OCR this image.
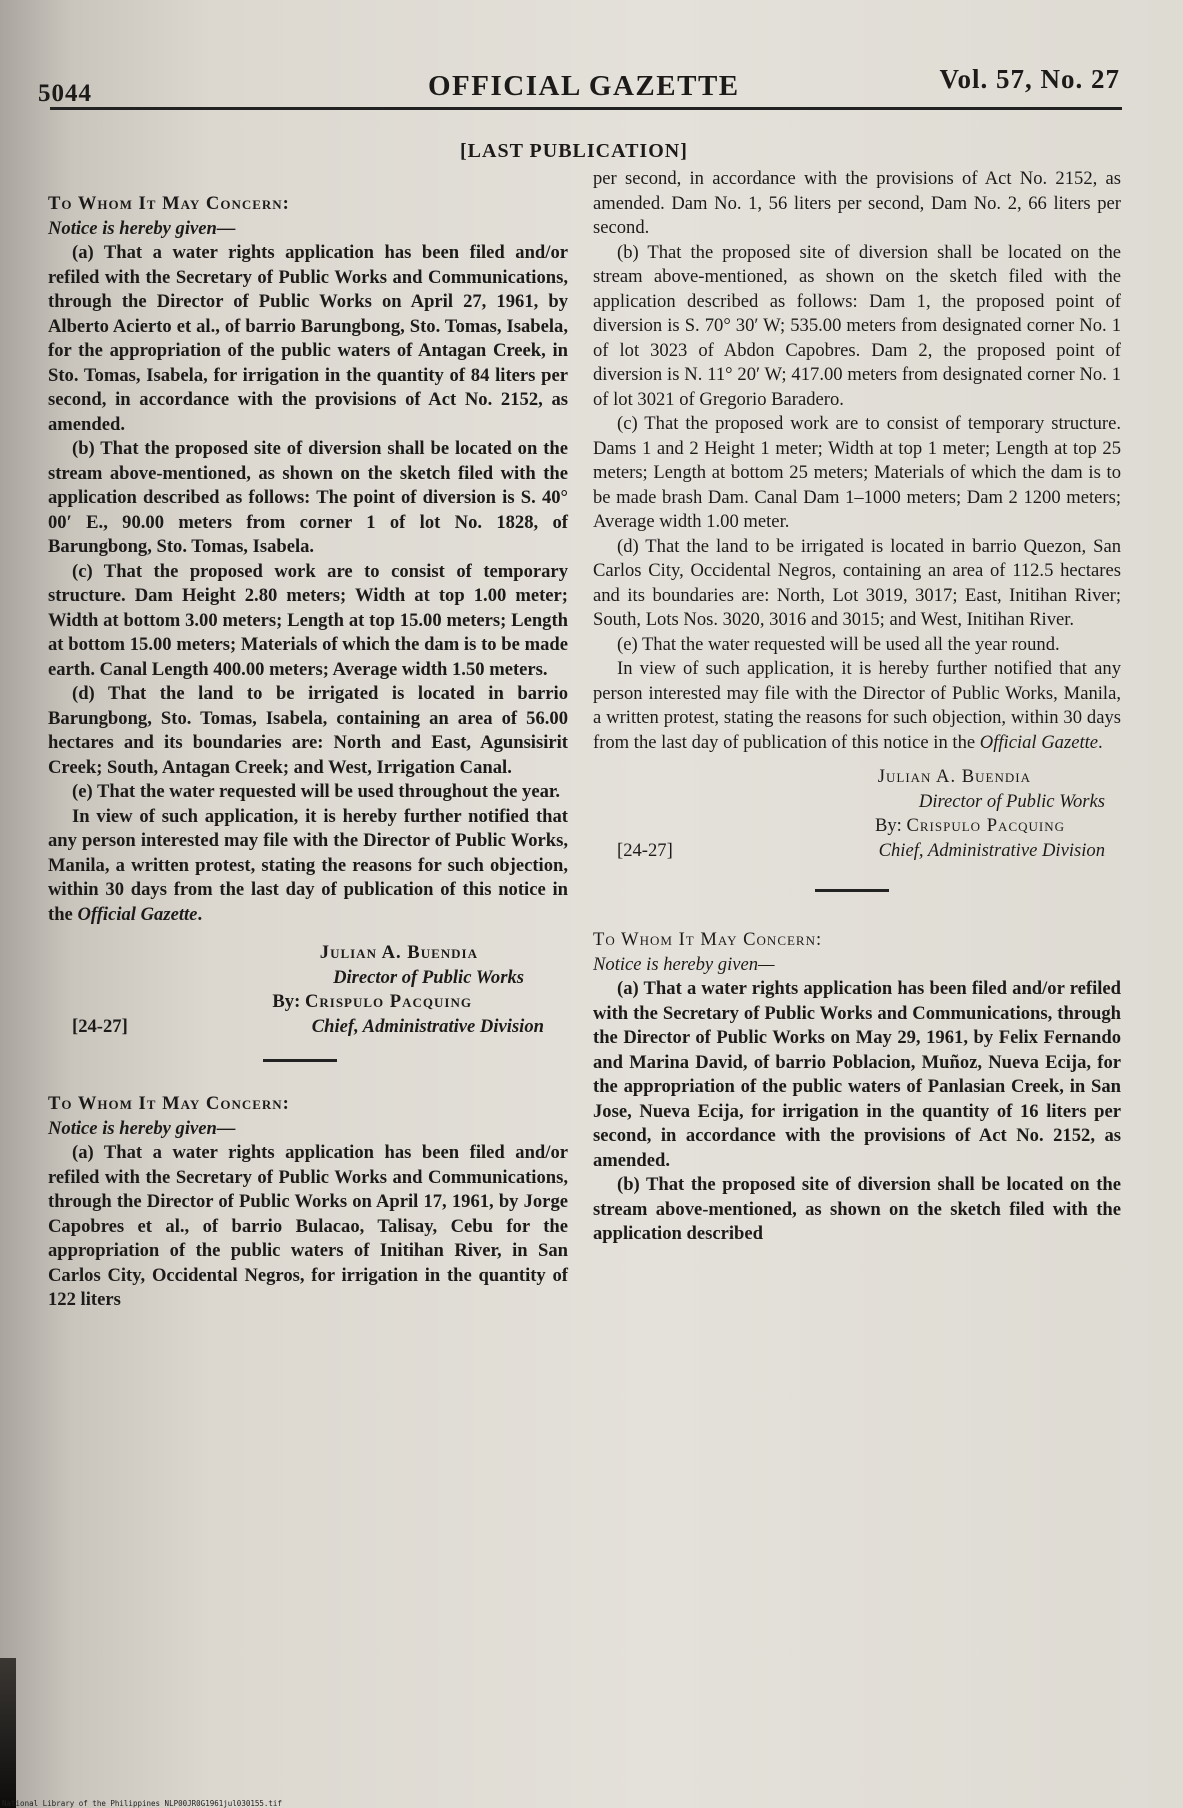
5044	OFFICIAL GAZETTE	Vol. 57, No. 27
[LAST PUBLICATION]

To Whom It May Concern:

Notice is hereby given—

(a) That a water rights application has been filed and/or refiled with the Secretary of Public Works and Communications, through the Director of Public Works on April 27, 1961, by Alberto Acierto et al., of barrio Barungbong, Sto. Tomas, Isabela, for the appropriation of the public waters of Antagan Creek, in Sto. Tomas, Isabela, for irrigation in the quantity of 84 liters per second, in accordance with the provisions of Act No. 2152, as amended.

(b) That the proposed site of diversion shall be located on the stream above-mentioned, as shown on the sketch filed with the application described as follows: The point of diversion is S. 40° 00′ E., 90.00 meters from corner 1 of lot No. 1828, of Barungbong, Sto. Tomas, Isabela.

(c) That the proposed work are to consist of temporary structure. Dam Height 2.80 meters; Width at top 1.00 meter; Width at bottom 3.00 meters; Length at top 15.00 meters; Length at bottom 15.00 meters; Materials of which the dam is to be made earth. Canal Length 400.00 meters; Average width 1.50 meters.

(d) That the land to be irrigated is located in barrio Barungbong, Sto. Tomas, Isabela, containing an area of 56.00 hectares and its boundaries are: North and East, Agunsisirit Creek; South, Antagan Creek; and West, Irrigation Canal.

(e) That the water requested will be used throughout the year.

In view of such application, it is hereby further notified that any person interested may file with the Director of Public Works, Manila, a written protest, stating the reasons for such objection, within 30 days from the last day of publication of this notice in the Official Gazette.

Julian A. Buendia

Director of Public Works

By: Crispulo Pacquing

[24-27]	Chief, Administrative Division

To Whom It May Concern:

Notice is hereby given—

(a) That a water rights application has been filed and/or refiled with the Secretary of Public Works and Communications, through the Director of Public Works on April 17, 1961, by Jorge Capobres et al., of barrio Bulacao, Talisay, Cebu for the appropriation of the public waters of Initihan River, in San Carlos City, Occidental Negros, for irrigation in the quantity of 122 liters

per second, in accordance with the provisions of Act No. 2152, as amended. Dam No. 1, 56 liters per second, Dam No. 2, 66 liters per second.

(b) That the proposed site of diversion shall be located on the stream above-mentioned, as shown on the sketch filed with the application described as follows: Dam 1, the proposed point of diversion is S. 70° 30′ W; 535.00 meters from designated corner No. 1 of lot 3023 of Abdon Capobres. Dam 2, the proposed point of diversion is N. 11° 20′ W; 417.00 meters from designated corner No. 1 of lot 3021 of Gregorio Baradero.

(c) That the proposed work are to consist of temporary structure. Dams 1 and 2 Height 1 meter; Width at top 1 meter; Length at top 25 meters; Length at bottom 25 meters; Materials of which the dam is to be made brash Dam. Canal Dam 1–1000 meters; Dam 2 1200 meters; Average width 1.00 meter.

(d) That the land to be irrigated is located in barrio Quezon, San Carlos City, Occidental Negros, containing an area of 112.5 hectares and its boundaries are: North, Lot 3019, 3017; East, Initihan River; South, Lots Nos. 3020, 3016 and 3015; and West, Initihan River.

(e) That the water requested will be used all the year round.

In view of such application, it is hereby further notified that any person interested may file with the Director of Public Works, Manila, a written protest, stating the reasons for such objection, within 30 days from the last day of publication of this notice in the Official Gazette.

Julian A. Buendia

Director of Public Works

By: Crispulo Pacquing

[24-27]	Chief, Administrative Division

To Whom It May Concern:

Notice is hereby given—

(a) That a water rights application has been filed and/or refiled with the Secretary of Public Works and Communications, through the Director of Public Works on May 29, 1961, by Felix Fernando and Marina David, of barrio Poblacion, Muñoz, Nueva Ecija, for the appropriation of the public waters of Panlasian Creek, in San Jose, Nueva Ecija, for irrigation in the quantity of 16 liters per second, in accordance with the provisions of Act No. 2152, as amended.

(b) That the proposed site of diversion shall be located on the stream above-mentioned, as shown on the sketch filed with the application described

National Library of the Philippines NLP00JR0G1961jul030155.tif
